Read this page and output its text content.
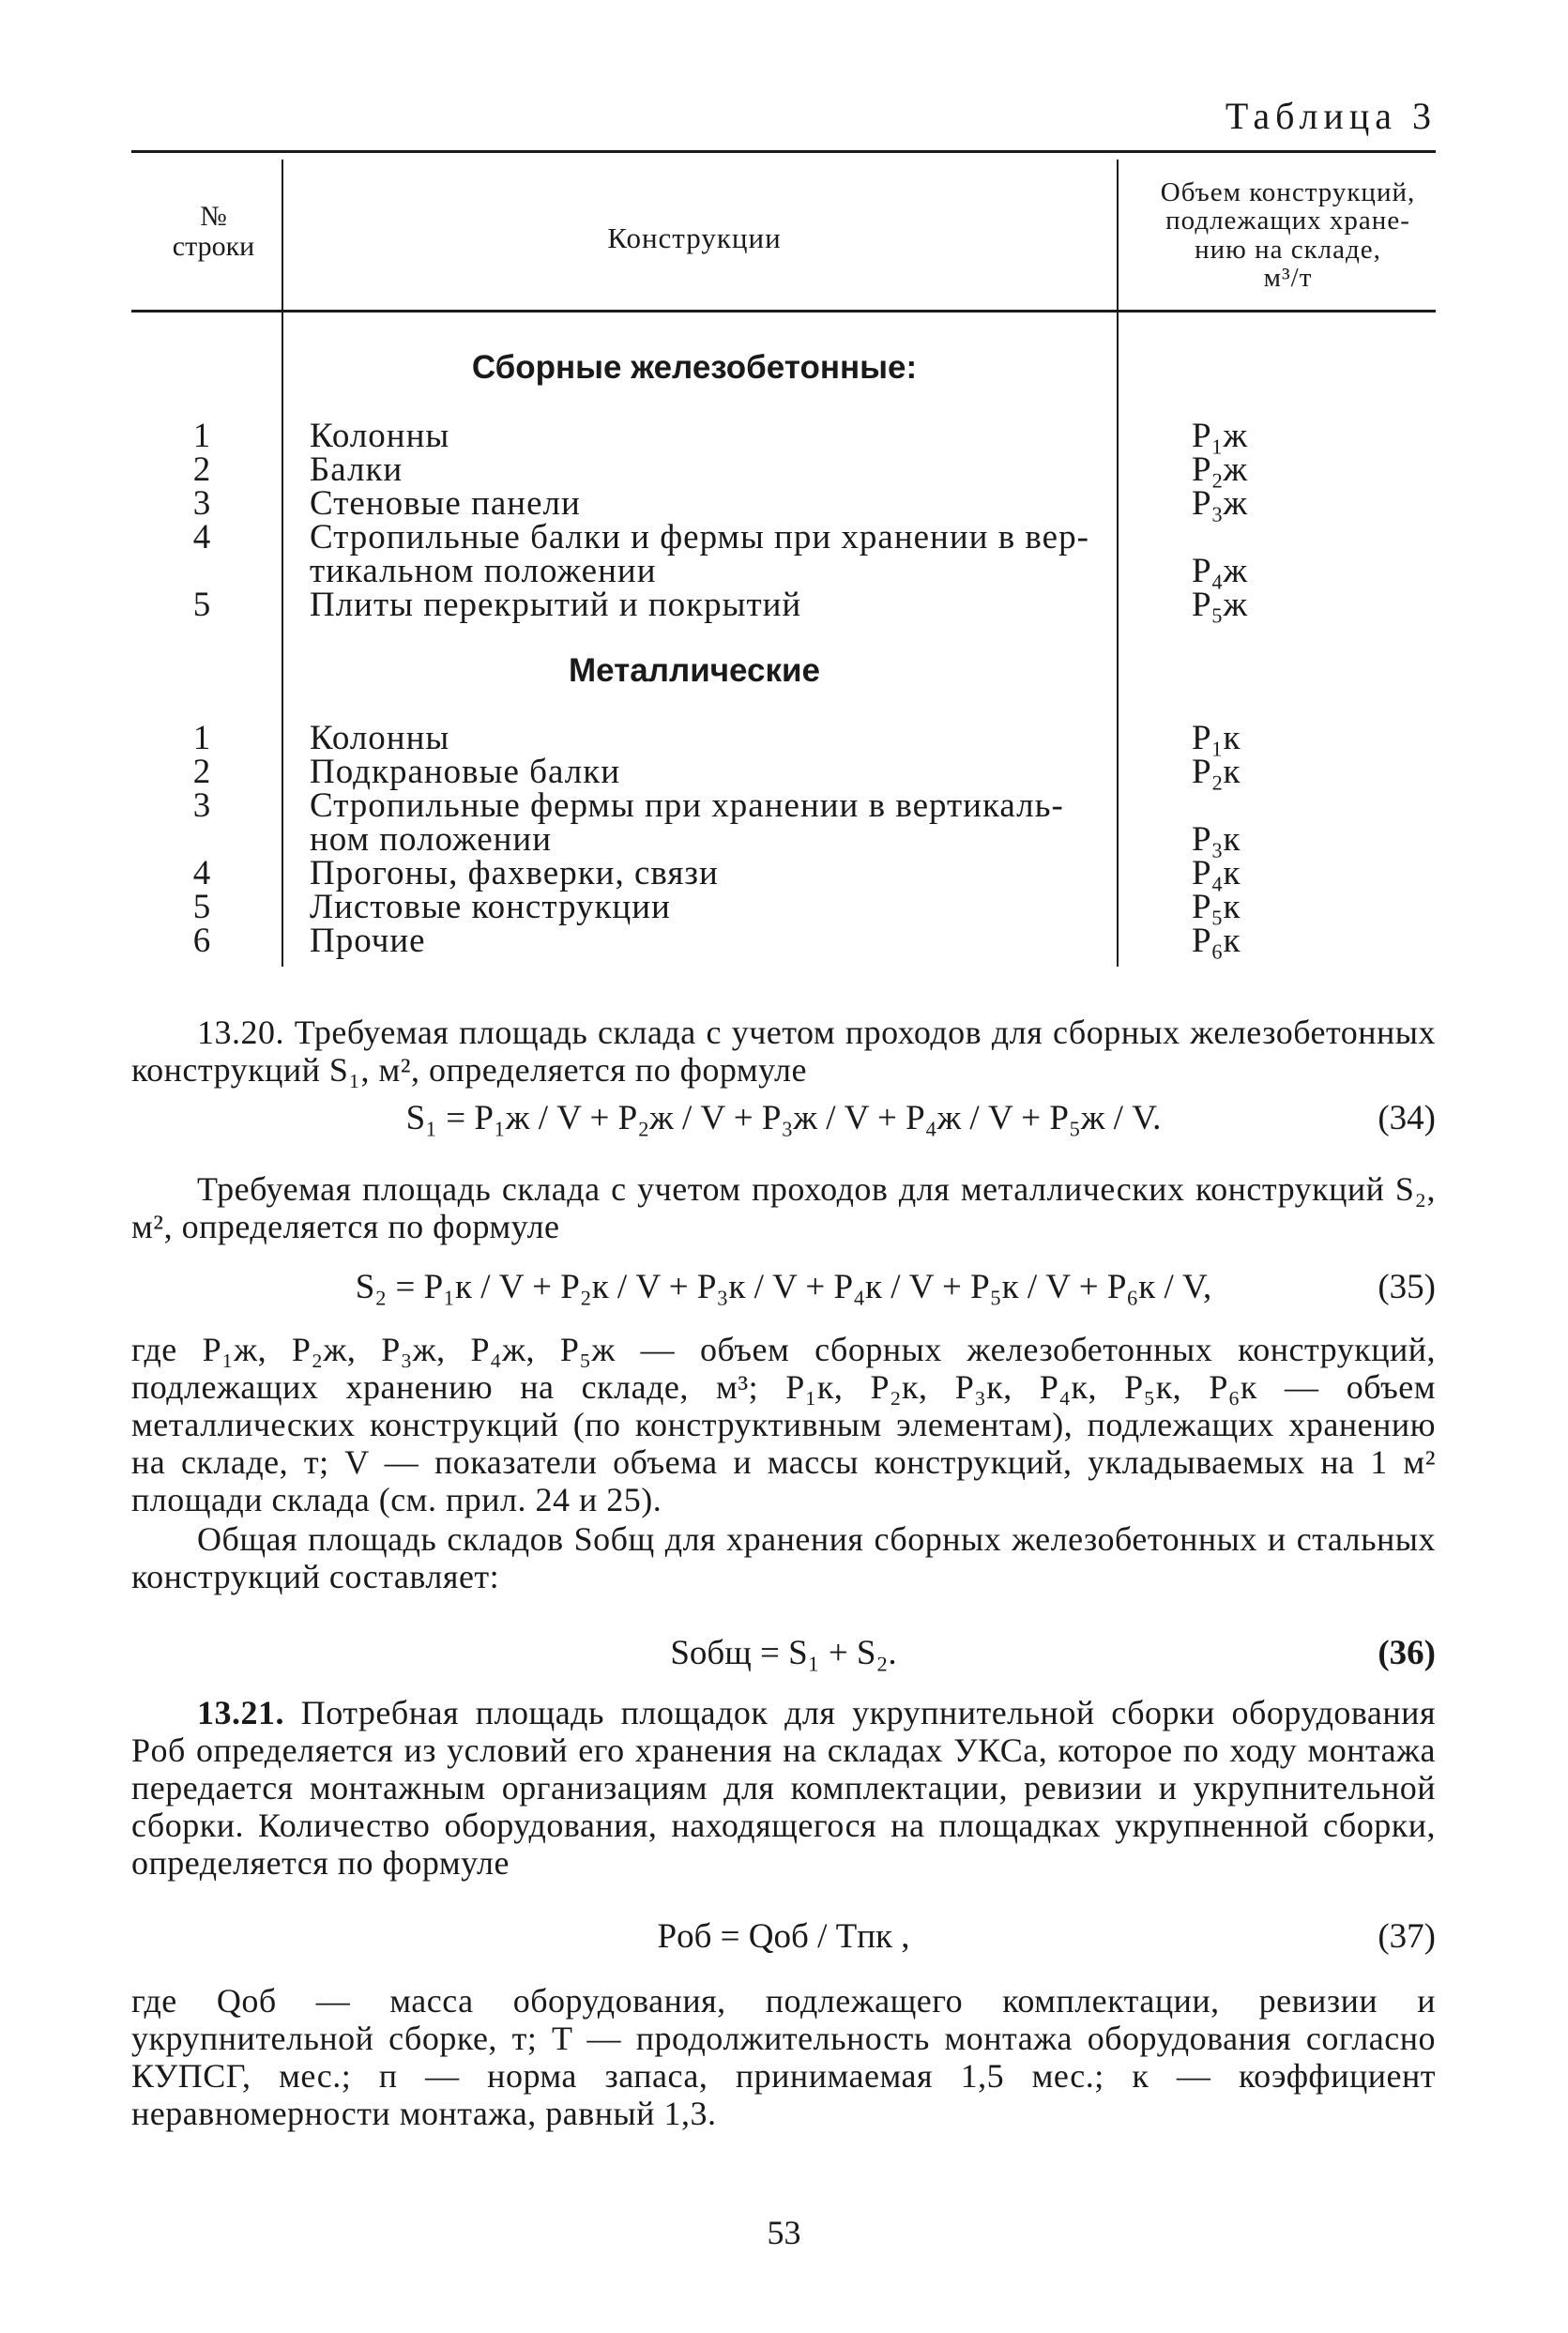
Таблица 3
№
строки	Конструкции
Объем конструкций,
подлежащих хране-
нию на складе,
м³/т
Сборные железобетонные:
1	Колонны	P₁ж
2	Балки	P₂ж
3	Стеновые панели	P₃ж
4	Стропильные балки и фермы при хранении в вер-
тикальном положении	P₄ж
5	Плиты перекрытий и покрытий	P₅ж
Металлические
1	Колонны	P₁к
2	Подкрановые балки	P₂к
3	Стропильные фермы при хранении в вертикаль-
ном положении	P₃к
4	Прогоны, фахверки, связи	P₄к
5	Листовые конструкции	P₅к
6	Прочие	P₆к
13.20. Требуемая площадь склада с учетом проходов для сборных железобетонных конструкций S₁, м², определяется по формуле
S₁ = P₁ж / V + P₂ж / V + P₃ж / V + P₄ж / V + P₅ж / V.	(34)
Требуемая площадь склада с учетом проходов для металлических конструкций S₂, м², определяется по формуле
S₂ = P₁к / V + P₂к / V + P₃к / V + P₄к / V + P₅к / V + P₆к / V,	(35)
где P₁ж, P₂ж, P₃ж, P₄ж, P₅ж — объем сборных железобетонных конструкций, подлежащих хранению на складе, м³; P₁к, P₂к, P₃к, P₄к, P₅к, P₆к — объем металлических конструкций (по конструктивным элементам), подлежащих хранению на складе, т; V — показатели объема и массы конструкций, укладываемых на 1 м² площади склада (см. прил. 24 и 25).
Общая площадь складов Sобщ для хранения сборных железобетонных и стальных конструкций составляет:
Sобщ = S₁ + S₂.	(36)
13.21. Потребная площадь площадок для укрупнительной сборки оборудования Pоб определяется из условий его хранения на складах УКСа, которое по ходу монтажа передается монтажным организациям для комплектации, ревизии и укрупнительной сборки. Количество оборудования, находящегося на площадках укрупненной сборки, определяется по формуле
Pоб = Qоб / Tпк ,	(37)
где Qоб — масса оборудования, подлежащего комплектации, ревизии и укрупнительной сборке, т; T — продолжительность монтажа оборудования согласно КУПСГ, мес.; п — норма запаса, принимаемая 1,5 мес.; к — коэффициент неравномерности монтажа, равный 1,3.
53
